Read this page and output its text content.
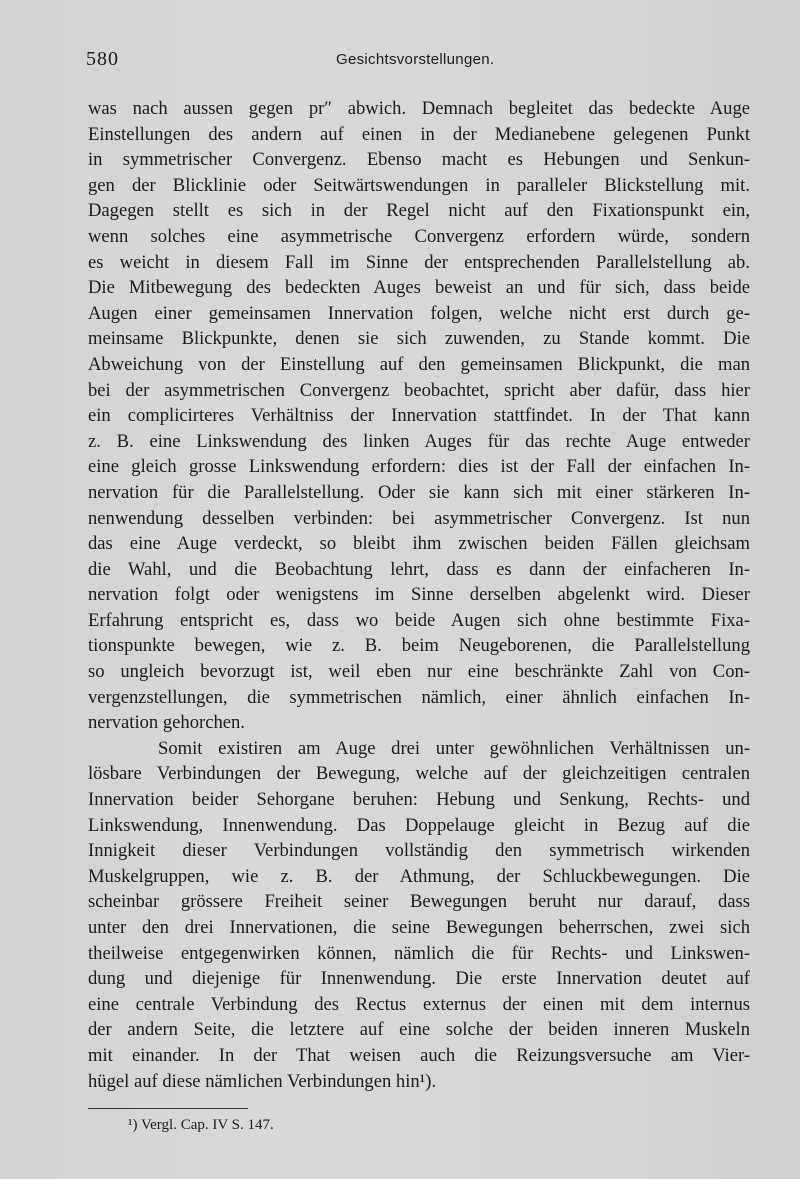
580	Gesichtsvorstellungen.
was nach aussen gegen pr″ abwich. Demnach begleitet das bedeckte Auge
Einstellungen des andern auf einen in der Medianebene gelegenen Punkt
in symmetrischer Convergenz. Ebenso macht es Hebungen und Senkun-
gen der Blicklinie oder Seitwärtswendungen in paralleler Blickstellung mit.
Dagegen stellt es sich in der Regel nicht auf den Fixationspunkt ein,
wenn solches eine asymmetrische Convergenz erfordern würde, sondern
es weicht in diesem Fall im Sinne der entsprechenden Parallelstellung ab.
Die Mitbewegung des bedeckten Auges beweist an und für sich, dass beide
Augen einer gemeinsamen Innervation folgen, welche nicht erst durch ge-
meinsame Blickpunkte, denen sie sich zuwenden, zu Stande kommt. Die
Abweichung von der Einstellung auf den gemeinsamen Blickpunkt, die man
bei der asymmetrischen Convergenz beobachtet, spricht aber dafür, dass hier
ein complicirteres Verhältniss der Innervation stattfindet. In der That kann
z. B. eine Linkswendung des linken Auges für das rechte Auge entweder
eine gleich grosse Linkswendung erfordern: dies ist der Fall der einfachen In-
nervation für die Parallelstellung. Oder sie kann sich mit einer stärkeren In-
nenwendung desselben verbinden: bei asymmetrischer Convergenz. Ist nun
das eine Auge verdeckt, so bleibt ihm zwischen beiden Fällen gleichsam
die Wahl, und die Beobachtung lehrt, dass es dann der einfacheren In-
nervation folgt oder wenigstens im Sinne derselben abgelenkt wird. Dieser
Erfahrung entspricht es, dass wo beide Augen sich ohne bestimmte Fixa-
tionspunkte bewegen, wie z. B. beim Neugeborenen, die Parallelstellung
so ungleich bevorzugt ist, weil eben nur eine beschränkte Zahl von Con-
vergenzstellungen, die symmetrischen nämlich, einer ähnlich einfachen In-
nervation gehorchen.
Somit existiren am Auge drei unter gewöhnlichen Verhältnissen un-
lösbare Verbindungen der Bewegung, welche auf der gleichzeitigen centralen
Innervation beider Sehorgane beruhen: Hebung und Senkung, Rechts- und
Linkswendung, Innenwendung. Das Doppelauge gleicht in Bezug auf die
Innigkeit dieser Verbindungen vollständig den symmetrisch wirkenden
Muskelgruppen, wie z. B. der Athmung, der Schluckbewegungen. Die
scheinbar grössere Freiheit seiner Bewegungen beruht nur darauf, dass
unter den drei Innervationen, die seine Bewegungen beherrschen, zwei sich
theilweise entgegenwirken können, nämlich die für Rechts- und Linkswen-
dung und diejenige für Innenwendung. Die erste Innervation deutet auf
eine centrale Verbindung des Rectus externus der einen mit dem internus
der andern Seite, die letztere auf eine solche der beiden inneren Muskeln
mit einander. In der That weisen auch die Reizungsversuche am Vier-
hügel auf diese nämlichen Verbindungen hin¹).
¹) Vergl. Cap. IV S. 147.
